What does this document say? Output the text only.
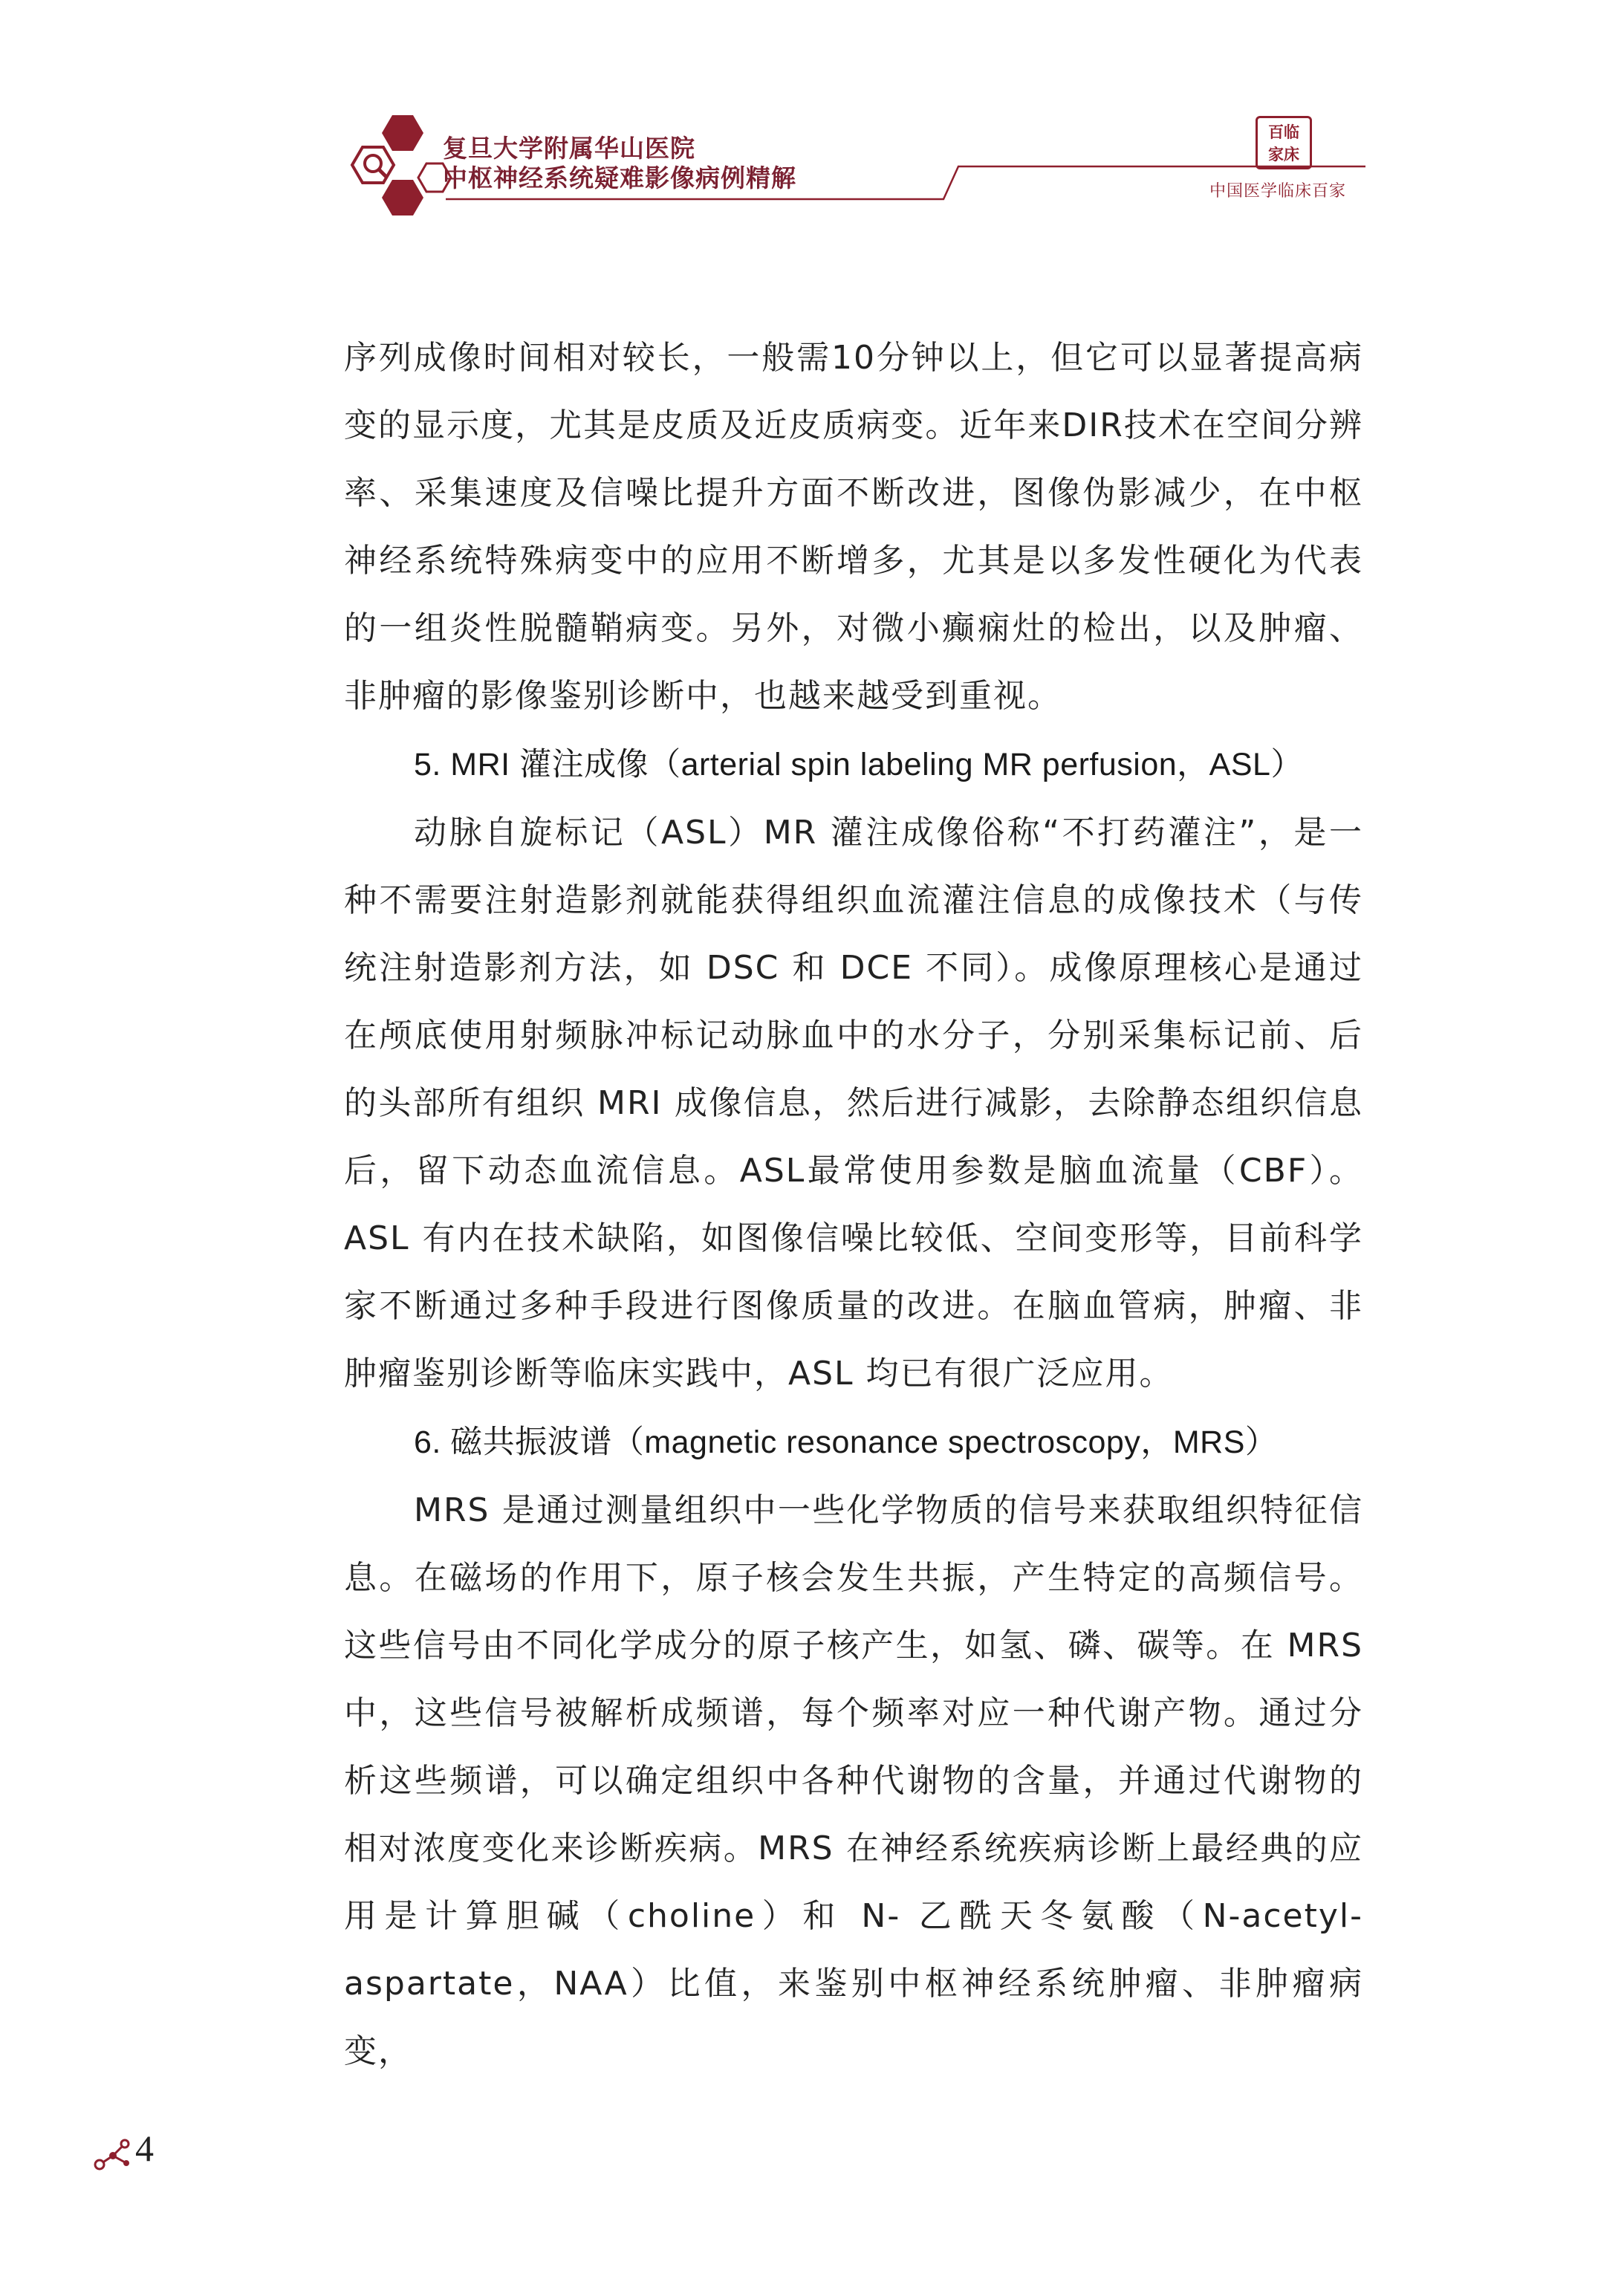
复旦大学附属华山医院
中枢神经系统疑难影像病例精解
百临
家床
中国医学临床百家

序列成像时间相对较长，一般需10分钟以上，但它可以显著提高病变的显示度，尤其是皮质及近皮质病变。近年来DIR技术在空间分辨率、采集速度及信噪比提升方面不断改进，图像伪影减少，在中枢神经系统特殊病变中的应用不断增多，尤其是以多发性硬化为代表的一组炎性脱髓鞘病变。另外，对微小癫痫灶的检出，以及肿瘤、非肿瘤的影像鉴别诊断中，也越来越受到重视。

5. MRI 灌注成像（arterial spin labeling MR perfusion，ASL）

动脉自旋标记（ASL）MR 灌注成像俗称“不打药灌注”，是一种不需要注射造影剂就能获得组织血流灌注信息的成像技术（与传统注射造影剂方法，如 DSC 和 DCE 不同）。成像原理核心是通过在颅底使用射频脉冲标记动脉血中的水分子，分别采集标记前、后的头部所有组织 MRI 成像信息，然后进行减影，去除静态组织信息后，留下动态血流信息。ASL最常使用参数是脑血流量（CBF）。ASL 有内在技术缺陷，如图像信噪比较低、空间变形等，目前科学家不断通过多种手段进行图像质量的改进。在脑血管病，肿瘤、非肿瘤鉴别诊断等临床实践中，ASL 均已有很广泛应用。

6. 磁共振波谱（magnetic resonance spectroscopy，MRS）

MRS 是通过测量组织中一些化学物质的信号来获取组织特征信息。在磁场的作用下，原子核会发生共振，产生特定的高频信号。这些信号由不同化学成分的原子核产生，如氢、磷、碳等。在 MRS 中，这些信号被解析成频谱，每个频率对应一种代谢产物。通过分析这些频谱，可以确定组织中各种代谢物的含量，并通过代谢物的相对浓度变化来诊断疾病。MRS 在神经系统疾病诊断上最经典的应用是计算胆碱（choline）和 N- 乙酰天冬氨酸（N-acetyl-aspartate，NAA）比值，来鉴别中枢神经系统肿瘤、非肿瘤病变，

4
